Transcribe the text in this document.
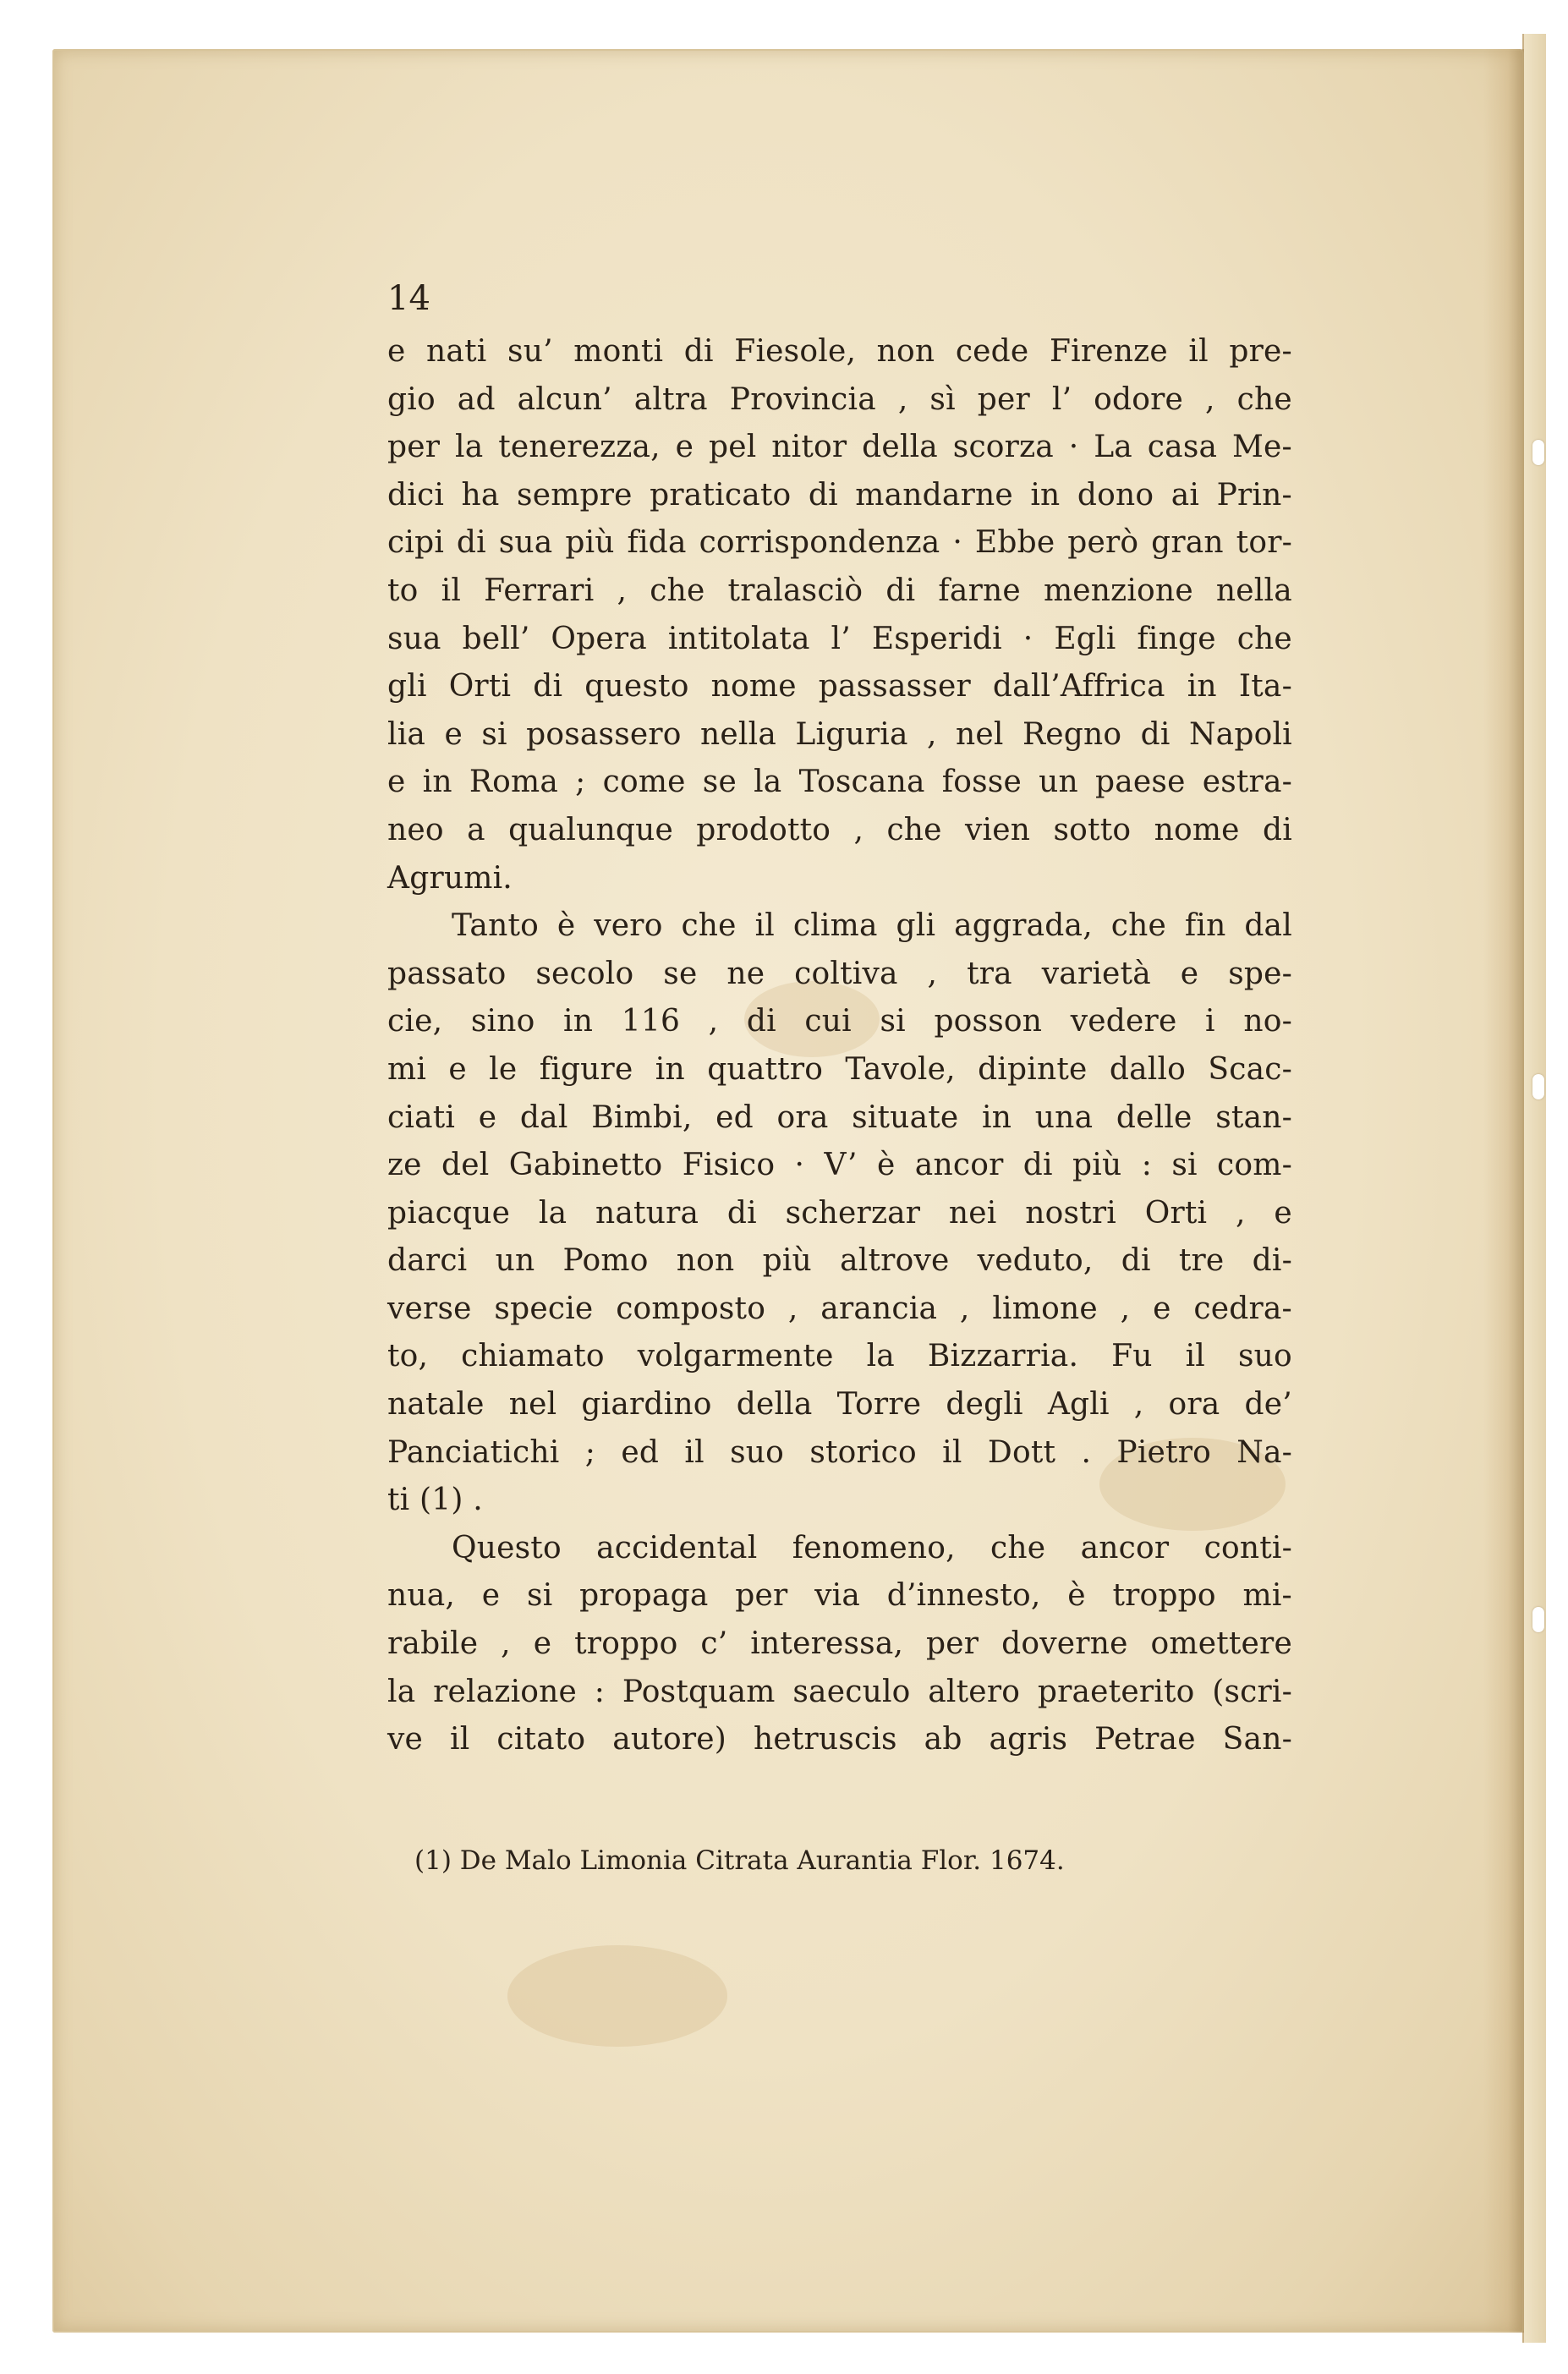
14

e nati su’ monti di Fiesole, non cede Firenze il pre-
gio ad alcun’ altra Provincia , sì per l’ odore , che
per la tenerezza, e pel nitor della scorza · La casa Me-
dici ha sempre praticato di mandarne in dono ai Prin-
cipi di sua più fida corrispondenza · Ebbe però gran tor-
to il Ferrari , che tralasciò di farne menzione nella
sua bell’ Opera intitolata l’ Esperidi · Egli finge che
gli Orti di questo nome passasser dall’Affrica in Ita-
lia e si posassero nella Liguria , nel Regno di Napoli
e in Roma ; come se la Toscana fosse un paese estra-
neo a qualunque prodotto , che vien sotto nome di
Agrumi.
Tanto è vero che il clima gli aggrada, che fin dal
passato secolo se ne coltiva , tra varietà e spe-
cie, sino in 116 , di cui si posson vedere i no-
mi e le figure in quattro Tavole, dipinte dallo Scac-
ciati e dal Bimbi, ed ora situate in una delle stan-
ze del Gabinetto Fisico · V’ è ancor di più : si com-
piacque la natura di scherzar nei nostri Orti , e
darci un Pomo non più altrove veduto, di tre di-
verse specie composto , arancia , limone , e cedra-
to, chiamato volgarmente la Bizzarria. Fu il suo
natale nel giardino della Torre degli Agli , ora de’
Panciatichi ; ed il suo storico il Dott . Pietro Na-
ti (1) .
Questo accidental fenomeno, che ancor conti-
nua, e si propaga per via d’innesto, è troppo mi-
rabile , e troppo c’ interessa, per doverne omettere
la relazione : Postquam saeculo altero praeterito (scri-
ve il citato autore) hetruscis ab agris Petrae San-
(1) De Malo Limonia Citrata Aurantia Flor. 1674.
